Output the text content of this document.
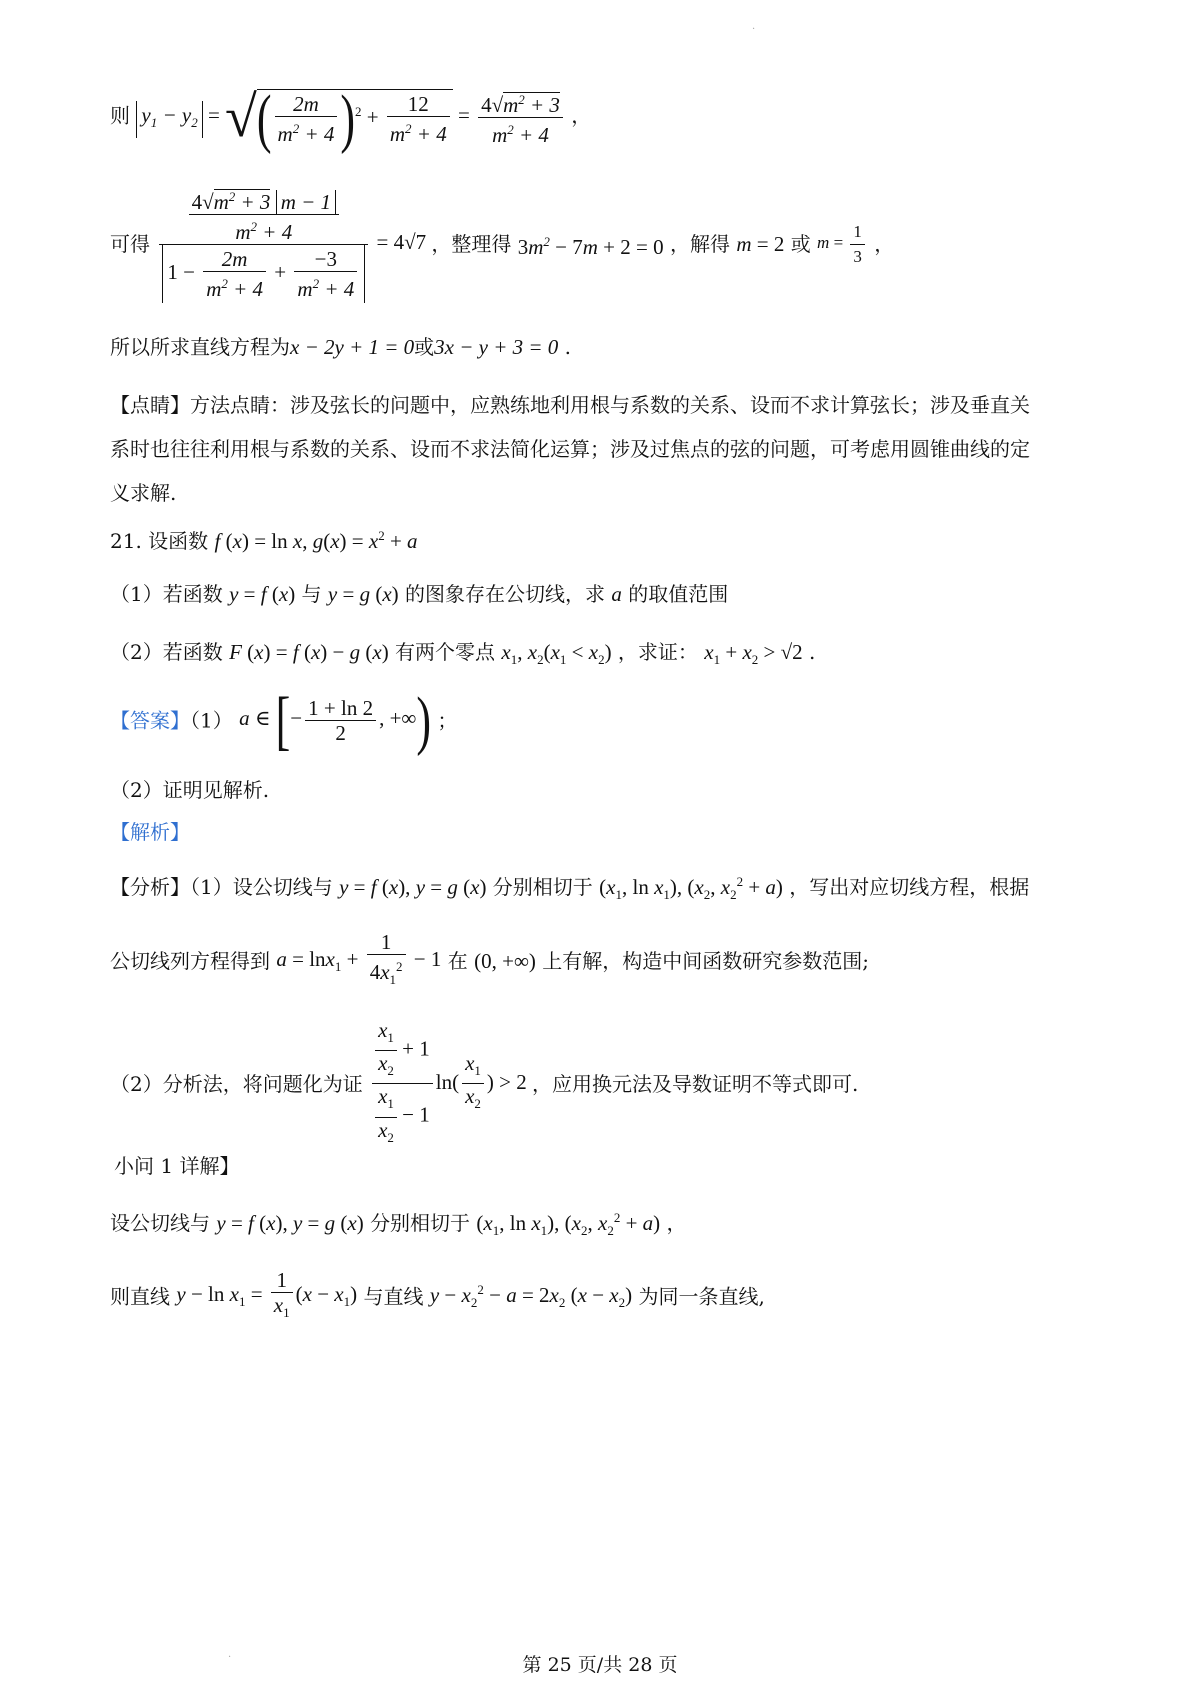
·
·
则 $y_1 - y_2$ = √( $\frac{2m}{m^2 + 4} )^2 + \frac{12}{m^2 + 4} = \frac{4√m^2 + 3}{m^2 + 4}$ ，
可得 $\frac{\frac{4√m^2 + 3 m - 1}{m^2 + 4}}{1 - \frac{2m}{m^2 + 4} + \frac{-3}{m^2 + 4}} = 4√7$ ，整理得 $3m^2 - 7m + 2 = 0$ ，解得 m = 2 或 $m = \frac{1}{3}$ ，
所以所求直线方程为x − 2y + 1 = 0或3x − y + 3 = 0 .
【点睛】方法点睛：涉及弦长的问题中，应熟练地利用根与系数的关系、设而不求计算弦长；涉及垂直关
系时也往往利用根与系数的关系、设而不求法简化运算；涉及过焦点的弦的问题，可考虑用圆锥曲线的定
义求解.
21. 设函数 f (x) = ln x, $g(x) = x^2 + a$
（1）若函数 y = f (x) 与 y = g (x) 的图象存在公切线，求 a 的取值范围
（2）若函数 F (x) = f (x) − g (x) 有两个零点 $x_1$, $x_2(x_1 < x_2)$ ，求证： $x_1 + x_2 > √2$ .
【答案】（1） a ∈ [− $\frac{1 + \ln 2}{2}$ , +∞) ；
（2）证明见解析.
【解析】
【分析】（1）设公切线与 y = f (x), y = g (x) 分别相切于 ($x_1$, $\ln x_1$), ($x_2$, $x_2^2 + a$) ，写出对应切线方程，根据
公切线列方程得到 $a = \ln x_1 + \frac{1}{4x_1^2} - 1$ 在 (0, +∞) 上有解，构造中间函数研究参数范围;
（2）分析法，将问题化为证 $\frac{\frac{x_1}{x_2} + 1}{\frac{x_1}{x_2} - 1} \ln( \frac{x_1}{x_2}$ ) > 2 ，应用换元法及导数证明不等式即可.
小问 1 详解】
设公切线与 y = f (x), y = g (x) 分别相切于 ($x_1$, $\ln x_1$), ($x_2$, $x_2^2 + a$) ，
则直线 $y - \ln x_1 = \frac{1}{x_1} (x - x_1)$ 与直线 $y - x_2^2 - a = 2x_2$ $(x - x_2)$ 为同一条直线,
第 25 页/共 28 页
